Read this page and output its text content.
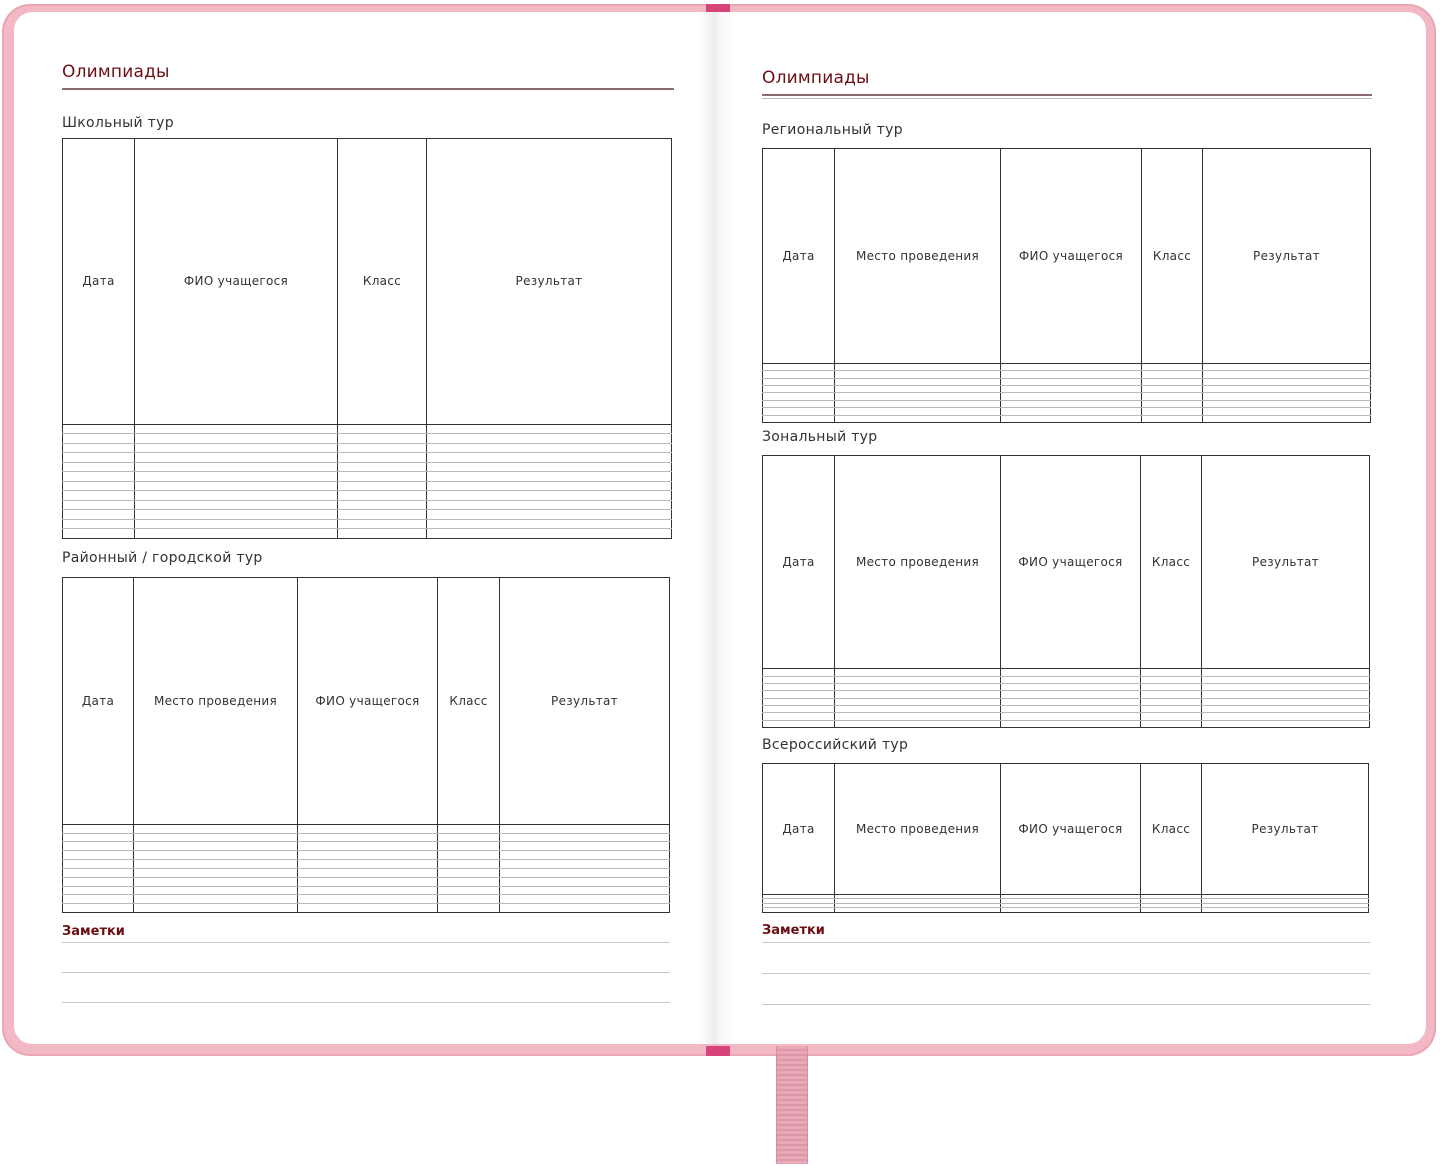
Олимпиады
Школьный тур
Дата	ФИО учащегося	Класс	Результат

Районный / городской тур
Дата	Место проведения	ФИО учащегося	Класс	Результат

Заметки
Олимпиады
Региональный тур
Дата	Место проведения	ФИО учащегося	Класс	Результат

Зональный тур
Дата	Место проведения	ФИО учащегося	Класс	Результат

Всероссийский тур
Дата	Место проведения	ФИО учащегося	Класс	Результат

Заметки
